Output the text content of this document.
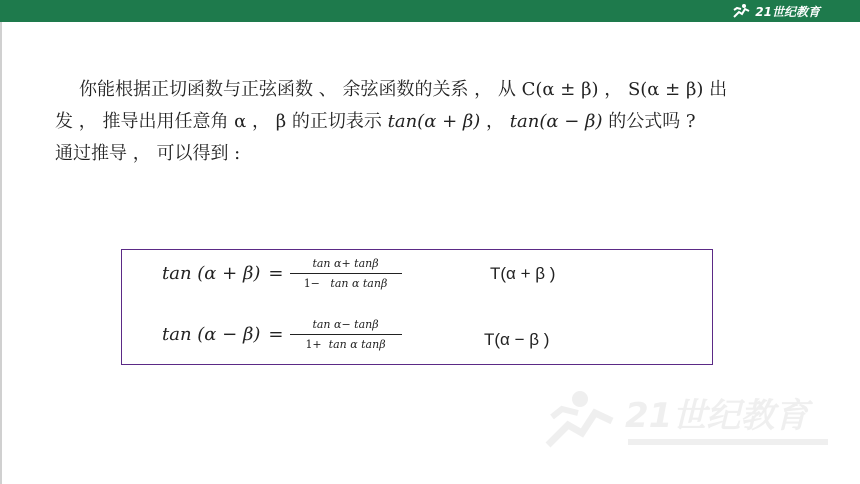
21世纪教育
你能根据正切函数与正弦函数 、 余弦函数的关系 ， 从 C(α ± β) ， S(α ± β) 出
发 ， 推导出用任意角 α ， β 的正切表示 tan(α + β) ， tan(α − β) 的公式吗 ?
通过推导 ， 可以得到 :
$\tan (\alpha + \beta) = \frac{\text{tan α+ tanβ}}{\text{1− tan α tanβ}}$	T(α + β )
$\tan (\alpha - \beta) = \frac{\text{tan α− tanβ}}{\text{1+ tan α tanβ}}$	T(α − β )
21世纪教育
